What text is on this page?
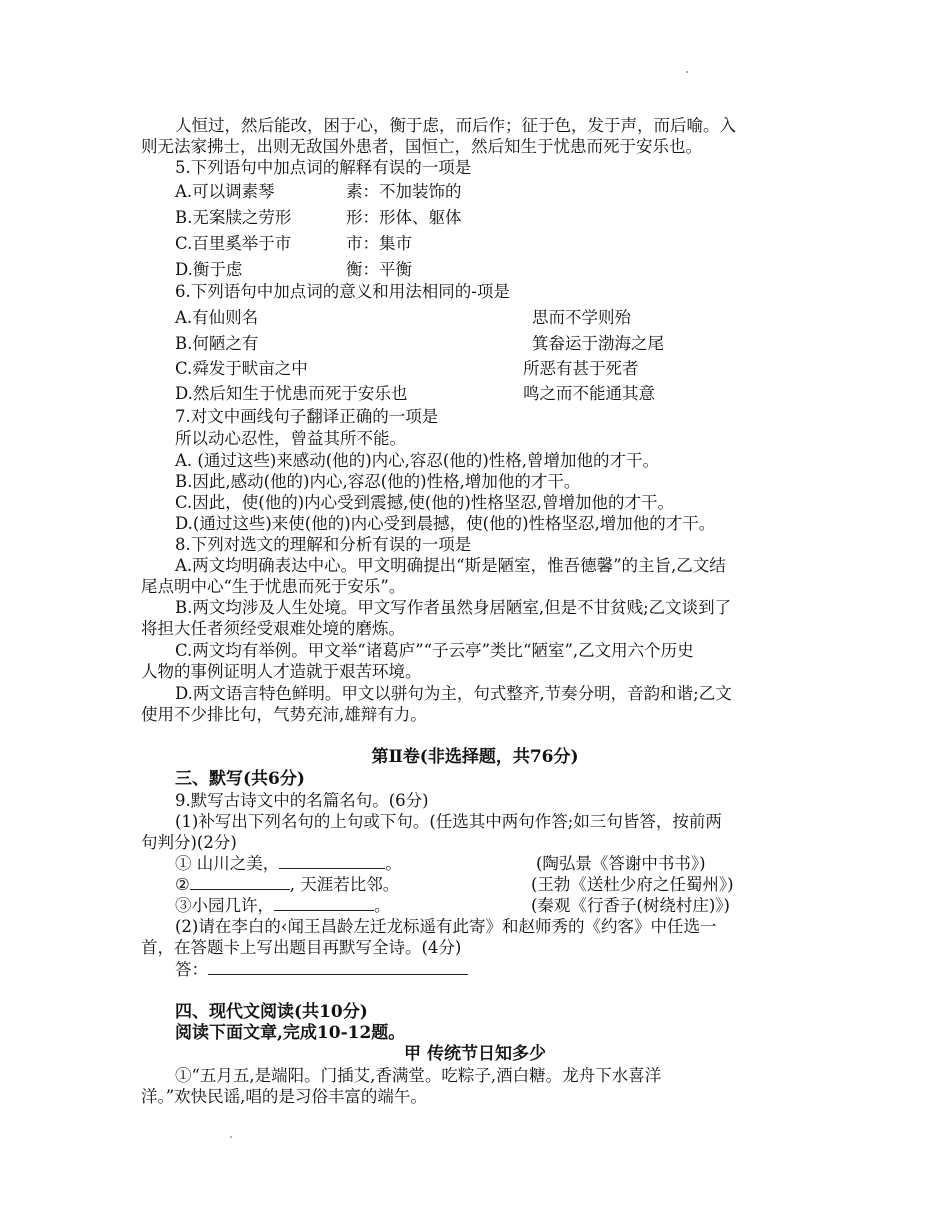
人恒过，然后能改，困于心，衡于虑，而后作；征于色，发于声，而后喻。入
则无法家拂士，出则无敌国外患者，国恒亡，然后知生于忧患而死于安乐也。
5.下列语句中加点词的解释有误的一项是
A.可以调素琴	素：不加装饰的
B.无案牍之劳形	形：形体、躯体
C.百里奚举于市	市：集市
D.衡于虑	衡：平衡
6.下列语句中加点词的意义和用法相同的-项是
A.有仙则名	思而不学则殆
B.何陋之有	箕畚运于渤海之尾
C.舜发于畎亩之中	所恶有甚于死者
D.然后知生于忧患而死于安乐也	鸣之而不能通其意
7.对文中画线句子翻译正确的一项是
所以动心忍性，曾益其所不能。
A. (通过这些)来感动(他的)内心,容忍(他的)性格,曾增加他的才干。
B.因此,感动(他的)内心,容忍(他的)性格,增加他的才干。
C.因此，使(他的)内心受到震撼,使(他的)性格坚忍,曾增加他的才干。
D.(通过这些)来使(他的)内心受到晨撼，使(他的)性格坚忍,增加他的才干。
8.下列对选文的理解和分析有误的一项是
A.两文均明确表达中心。甲文明确提出“斯是陋室，惟吾德馨”的主旨,乙文结
尾点明中心“生于忧患而死于安乐”。
B.两文均涉及人生处境。甲文写作者虽然身居陋室,但是不甘贫贱;乙文谈到了
将担大任者须经受艰难处境的磨炼。
C.两文均有举例。甲文举“诸葛庐”“子云亭”类比“陋室”,乙文用六个历史
人物的事例证明人才造就于艰苦环境。
D.两文语言特色鲜明。甲文以骈句为主，句式整齐,节奏分明，音韵和谐;乙文
使用不少排比句，气势充沛,雄辩有力。
第Ⅱ卷(非选择题，共76分)
三、默写(共6分)
9.默写古诗文中的名篇名句。(6分)
(1)补写出下列名句的上句或下句。(任选其中两句作答;如三句皆答，按前两
句判分)(2分)
① 山川之美，	。	(陶弘景《答谢中书书》)
②	, 天涯若比邻。	(王勃《送杜少府之任蜀州》)
③小园几许，	。	(秦观《行香子(树绕村庄)》)
(2)请在李白的‹闻王昌龄左迁龙标遥有此寄》和赵师秀的《约客》中任选一
首，在答题卡上写出题目再默写全诗。(4分)
答：
四、现代文阅读(共10分)
阅读下面文章,完成10-12题。
甲 传统节日知多少
①“五月五,是端阳。门插艾,香满堂。吃粽子,酒白糖。龙舟下水喜洋
洋。”欢快民谣,唱的是习俗丰富的端午。
